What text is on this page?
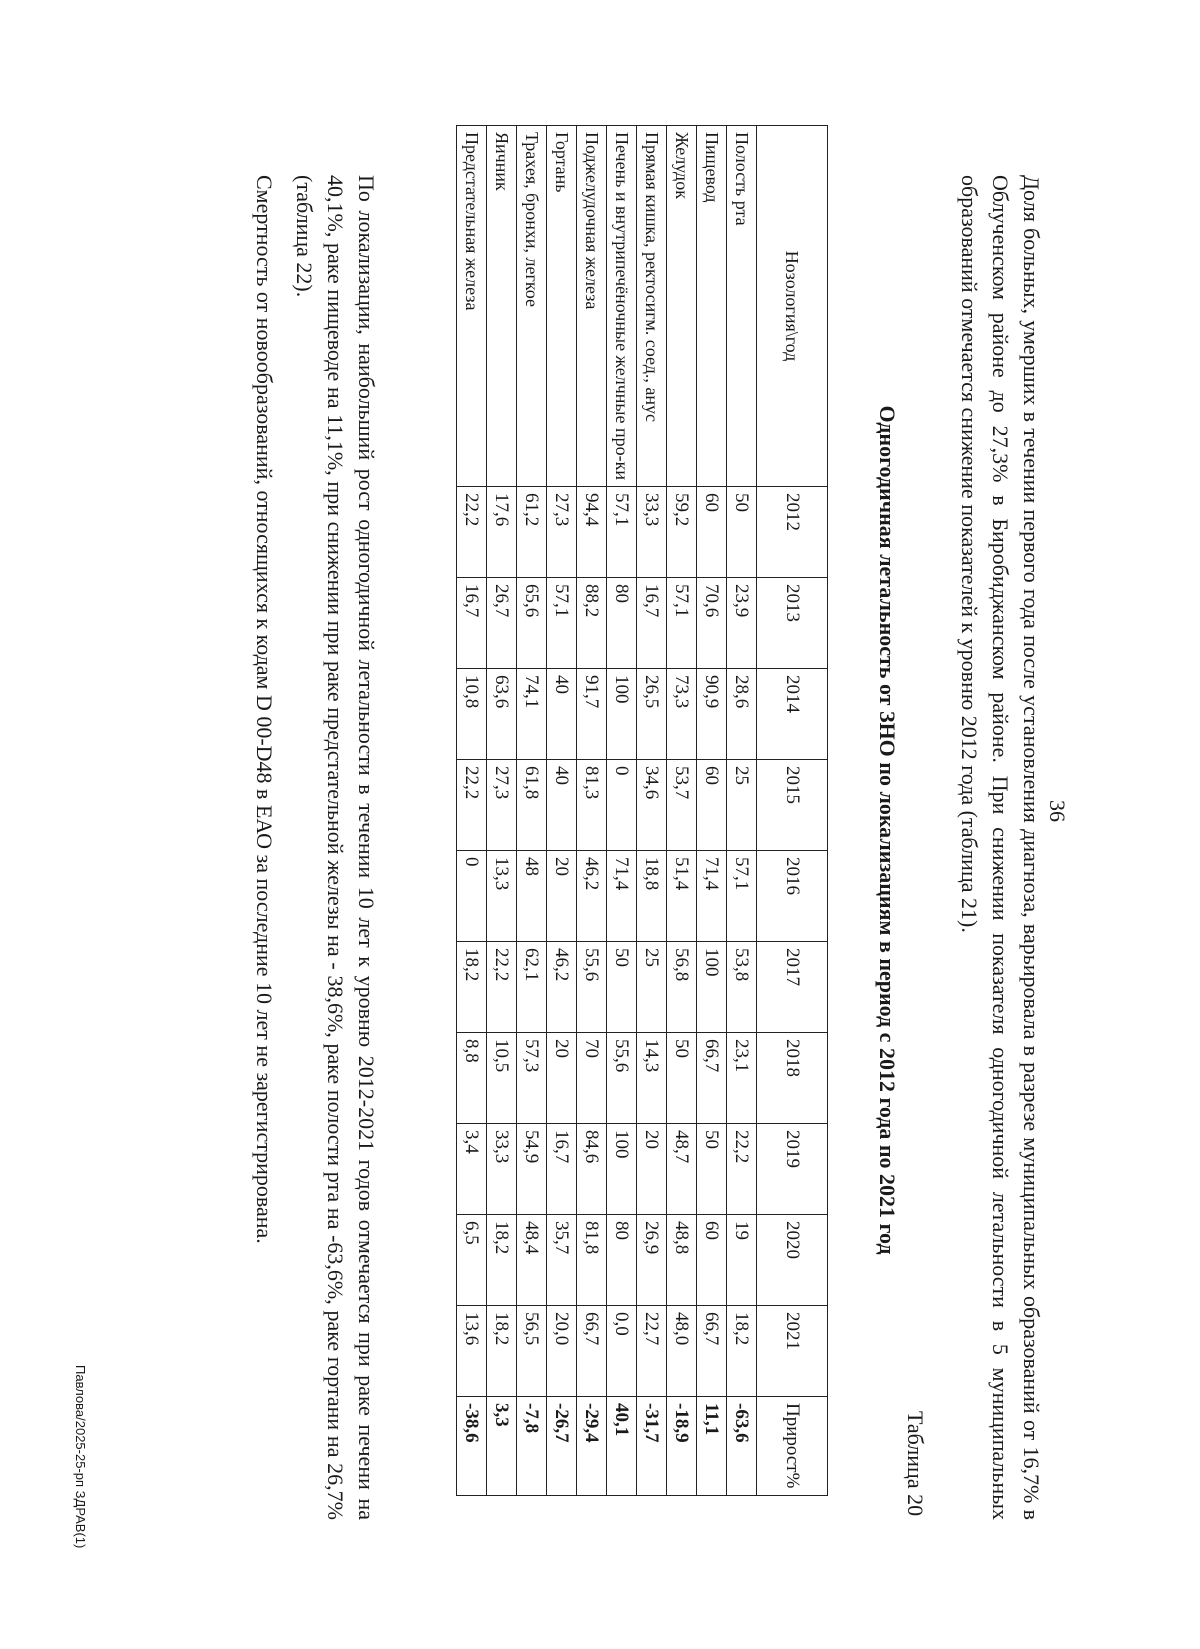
36
Доля больных, умерших в течении первого года после установления диагноза, варьировала в разрезе муниципальных образований от 16,7% в Облученском районе до 27,3% в Биробиджанском районе. При снижении показателя одногодичной летальности в 5 муниципальных образований отмечается снижение показателей к уровню 2012 года (таблица 21).
Таблица 20
Одногодичная летальность от ЗНО по локализациям в период с 2012 года по 2021 год
Нозология\год	2012	2013	2014	2015	2016	2017	2018	2019	2020	2021	Прирост%
Полость рта	50	23,9	28,6	25	57,1	53,8	23,1	22,2	19	18,2	-63,6
Пищевод	60	70,6	90,9	60	71,4	100	66,7	50	60	66,7	11,1
Желудок	59,2	57,1	73,3	53,7	51,4	56,8	50	48,7	48,8	48,0	-18,9
Прямая кишка, ректосигм. соед., анус	33,3	16,7	26,5	34,6	18,8	25	14,3	20	26,9	22,7	-31,7
Печень и внутрипечёночные желчные про-ки	57,1	80	100	0	71,4	50	55,6	100	80	0,0	40,1
Поджелудочная железа	94,4	88,2	91,7	81,3	46,2	55,6	70	84,6	81,8	66,7	-29,4
Гортань	27,3	57,1	40	40	20	46,2	20	16,7	35,7	20,0	-26,7
Трахея, бронхи, легкое	61,2	65,6	74,1	61,8	48	62,1	57,3	54,9	48,4	56,5	-7,8
Яичник	17,6	26,7	63,6	27,3	13,3	22,2	10,5	33,3	18,2	18,2	3,3
Предстательная железа	22,2	16,7	10,8	22,2	0	18,2	8,8	3,4	6,5	13,6	-38,6
По локализации, наибольший рост одногодичной летальности в течении 10 лет к уровню 2012-2021 годов отмечается при раке печени на 40,1%, раке пищеводе на 11,1%, при снижении при раке предстательной железы на - 38,6%, раке полости рта на -63,6%, раке гортани на 26,7% (таблица 22).
Смертность от новообразований, относящихся к кодам D 00-D48 в ЕАО за последние 10 лет не зарегистрирована.
Павлова/2025-25-рп ЗДРАВ(1)
